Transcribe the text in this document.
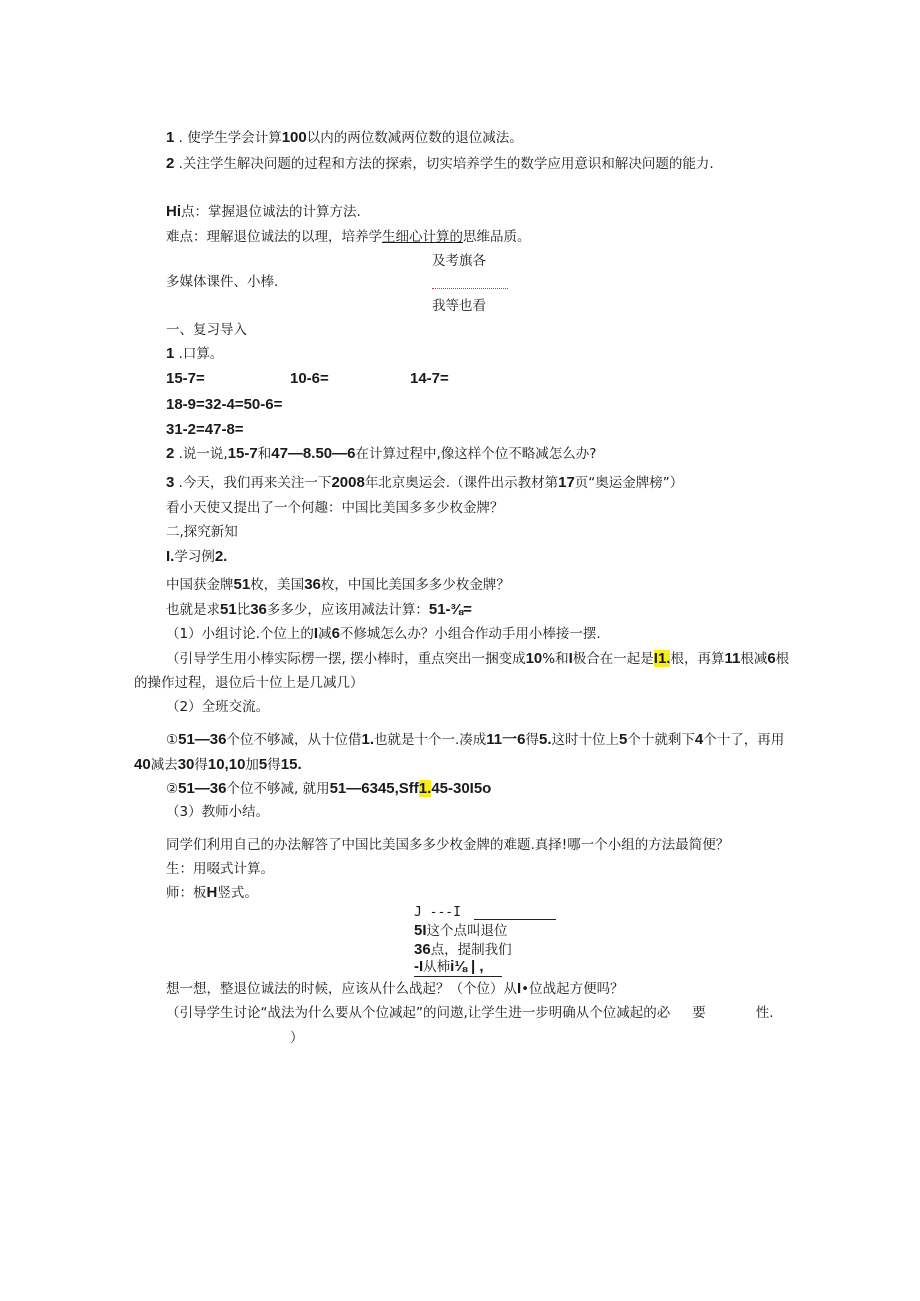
1 . 使学生学会计算100以内的两位数减两位数的退位减法。
2 .关注学生解决问题的过程和方法的探索，切实培养学生的数学应用意识和解决问题的能力.
Hi点：掌握退位诚法的计算方法.
难点：理解退位诚法的以理，培养学生细心计算的思维品质。
及考旗各
多媒体课件、小棒.
我等也看
一、复习导入
1 .口算。
15-7=	10-6=	14-7=
18-9=32-4=50-6=
31-2=47-8=
2 .说一说,15-7和47—8.50—6在计算过程中,像这样个位不略减怎么办?
3 .今天，我们再来关注一下2008年北京奥运会.（课件出示教材第17页“奥运金牌榜”）
看小天使又提出了一个何趣：中国比美国多多少枚金牌？
二,探究新知
I.学习例2.
中国获金牌51枚，美国36枚，中国比美国多多少枚金牌？
也就是求51比36多多少，应该用减法计算：51-⅜=
（1）小组讨论.个位上的I减6不修城怎么办？小组合作动手用小棒接一摆.
（引导学生用小棒实际楞一摆, 摆小棒时，重点突出一捆变成10%和I极合在一起是I1.根，再算11根减6根
的操作过程，退位后十位上是几减几）
（2）全班交流。
①51—36个位不够减，从十位借1.也就是十个一.凑成11一6得5.这时十位上5个十就剩下4个十了，再用
40减去30得10,10加5得15.
②51—36个位不够减, 就用51—6345,Sff1.45-30I5o
（3）教师小结。
同学们利用自己的办法解答了中国比美国多多少枚金牌的难题.真择!哪一个小组的方法最简便？
生：用啜式计算。
师：板H竖式。
J ---I
5I这个点叫退位
36点，提制我们
-I从柿i⅛ | ,
想一想，整退位诚法的时候，应该从什么战起？（个位）从I•位战起方便吗？
（引导学生讨论“战法为什么要从个位减起”的问遨,让学生进一步明确从个位减起的必 要	性.
）
